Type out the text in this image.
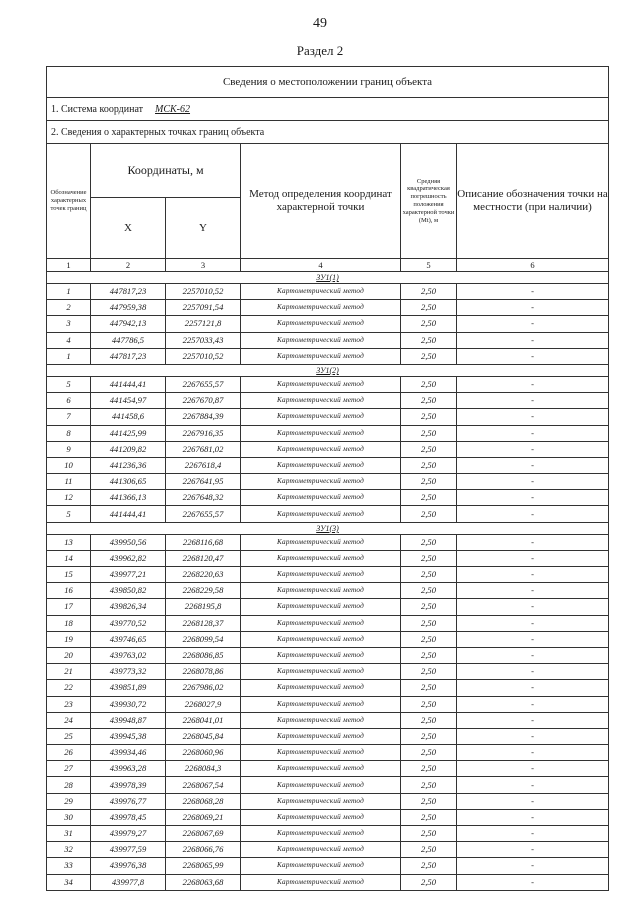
49
Раздел 2
Сведения о местоположении границ объекта					
1. Система координат МСК-62					
2. Сведения о характерных точках границ объекта					
Обозначение характерных точек границ	Координаты, м		Метод определения координат характерной точки	Средняя квадратическая погрешность положения характерной точки (Mt), м	Описание обозначения точки на местности (при наличии)
	X	Y			
1	2	3	4	5	6
ЗУ1(1)					
1	447817,23	2257010,52	Картометрический метод	2,50	-
2	447959,38	2257091,54	Картометрический метод	2,50	-
3	447942,13	2257121,8	Картометрический метод	2,50	-
4	447786,5	2257033,43	Картометрический метод	2,50	-
1	447817,23	2257010,52	Картометрический метод	2,50	-
ЗУ1(2)					
5	441444,41	2267655,57	Картометрический метод	2,50	-
6	441454,97	2267670,87	Картометрический метод	2,50	-
7	441458,6	2267884,39	Картометрический метод	2,50	-
8	441425,99	2267916,35	Картометрический метод	2,50	-
9	441209,82	2267681,02	Картометрический метод	2,50	-
10	441236,36	2267618,4	Картометрический метод	2,50	-
11	441306,65	2267641,95	Картометрический метод	2,50	-
12	441366,13	2267648,32	Картометрический метод	2,50	-
5	441444,41	2267655,57	Картометрический метод	2,50	-
ЗУ1(3)					
13	439950,56	2268116,68	Картометрический метод	2,50	-
14	439962,82	2268120,47	Картометрический метод	2,50	-
15	439977,21	2268220,63	Картометрический метод	2,50	-
16	439850,82	2268229,58	Картометрический метод	2,50	-
17	439826,34	2268195,8	Картометрический метод	2,50	-
18	439770,52	2268128,37	Картометрический метод	2,50	-
19	439746,65	2268099,54	Картометрический метод	2,50	-
20	439763,02	2268086,85	Картометрический метод	2,50	-
21	439773,32	2268078,86	Картометрический метод	2,50	-
22	439851,89	2267986,02	Картометрический метод	2,50	-
23	439930,72	2268027,9	Картометрический метод	2,50	-
24	439948,87	2268041,01	Картометрический метод	2,50	-
25	439945,38	2268045,84	Картометрический метод	2,50	-
26	439934,46	2268060,96	Картометрический метод	2,50	-
27	439963,28	2268084,3	Картометрический метод	2,50	-
28	439978,39	2268067,54	Картометрический метод	2,50	-
29	439976,77	2268068,28	Картометрический метод	2,50	-
30	439978,45	2268069,21	Картометрический метод	2,50	-
31	439979,27	2268067,69	Картометрический метод	2,50	-
32	439977,59	2268066,76	Картометрический метод	2,50	-
33	439976,38	2268065,99	Картометрический метод	2,50	-
34	439977,8	2268063,68	Картометрический метод	2,50	-
